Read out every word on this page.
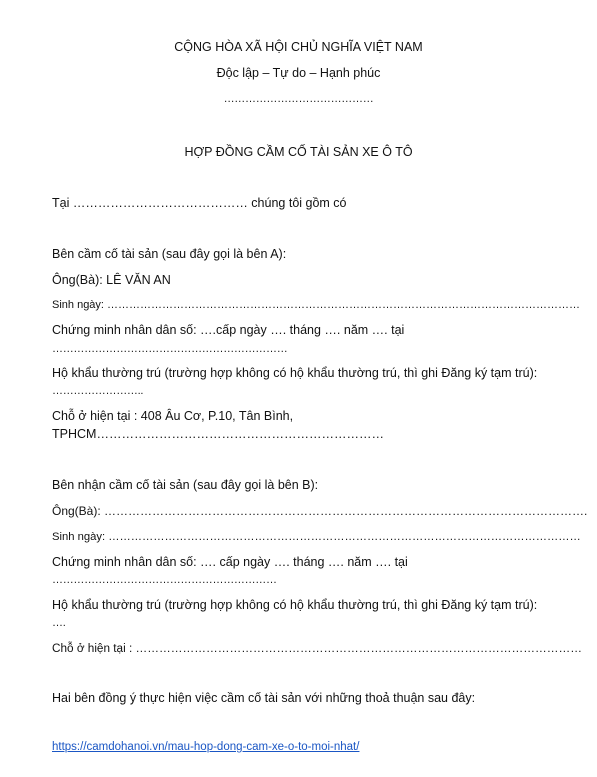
CỘNG HÒA XÃ HỘI CHỦ NGHĨA VIỆT NAM
Độc lập – Tự do – Hạnh phúc
……………………………………
HỢP ĐỒNG CẦM CỐ TÀI SẢN XE Ô TÔ
Tại …………………………………… chúng tôi gồm có
Bên cầm cố tài sản (sau đây gọi là bên A):
Ông(Bà): LÊ VĂN AN
Sinh ngày: …………………………………………………………………………………………………………………
Chứng minh nhân dân số: ….cấp ngày …. tháng …. năm …. tại
…………………………………………………………
Hộ khẩu thường trú (trường hợp không có hộ khẩu thường trú, thì ghi Đăng ký tạm trú):
……………………..
Chỗ ở hiện tại : 408 Âu Cơ, P.10, Tân Bình,
TPHCM……………………………………………………………
Bên nhận cầm cố tài sản (sau đây gọi là bên B):
Ông(Bà): ………………………………………………………………………………………………………….
Sinh ngày: ………………………………………………………………………………………………………………
Chứng minh nhân dân số: …. cấp ngày …. tháng …. năm …. tại
………………………………………………………
Hộ khẩu thường trú (trường hợp không có hộ khẩu thường trú, thì ghi Đăng ký tạm trú):
….
Chỗ ở hiện tại : ……………………………………………………………………………………………………
Hai bên đồng ý thực hiện việc cầm cố tài sản với những thoả thuận sau đây:
https://camdohanoi.vn/mau-hop-dong-cam-xe-o-to-moi-nhat/
